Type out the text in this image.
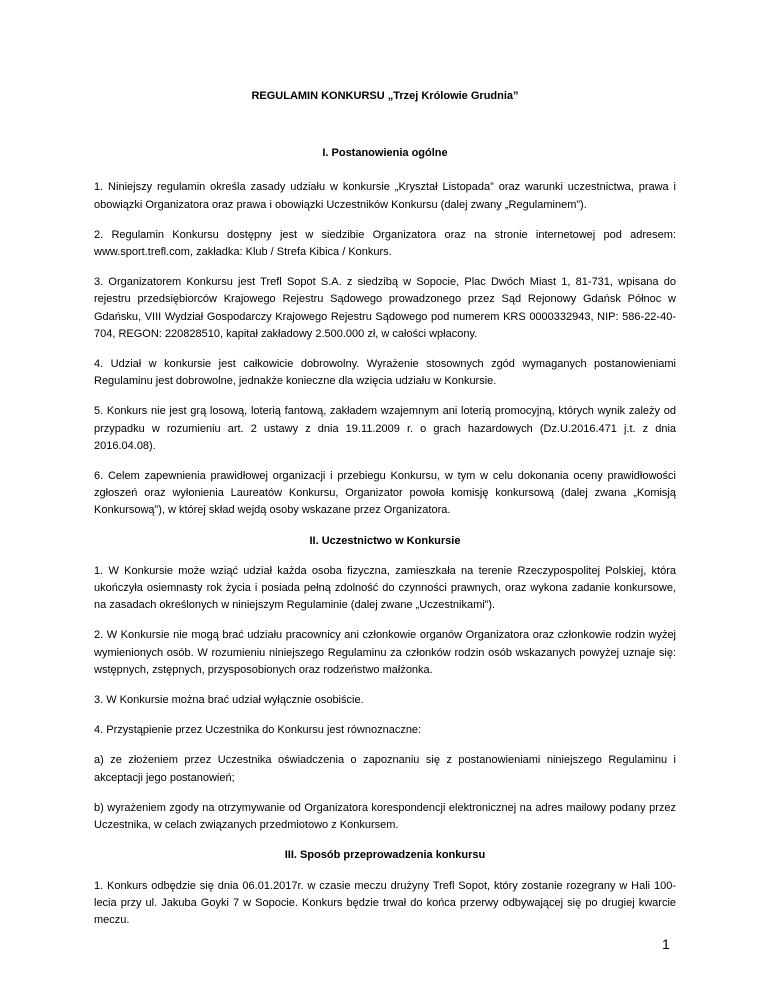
REGULAMIN KONKURSU „Trzej Królowie Grudnia”

I. Postanowienia ogólne

1. Niniejszy regulamin określa zasady udziału w konkursie „Kryształ Listopada” oraz warunki uczestnictwa, prawa i obowiązki Organizatora oraz prawa i obowiązki Uczestników Konkursu (dalej zwany „Regulaminem”).

2. Regulamin Konkursu dostępny jest w siedzibie Organizatora oraz na stronie internetowej pod adresem: www.sport.trefl.com, zakładka: Klub / Strefa Kibica / Konkurs.

3. Organizatorem Konkursu jest Trefl Sopot S.A. z siedzibą w Sopocie, Plac Dwóch Miast 1, 81-731, wpisana do rejestru przedsiębiorców Krajowego Rejestru Sądowego prowadzonego przez Sąd Rejonowy Gdańsk Północ w Gdańsku, VIII Wydział Gospodarczy Krajowego Rejestru Sądowego pod numerem KRS 0000332943, NIP: 586-22-40-704, REGON: 220828510, kapitał zakładowy 2.500.000 zł, w całości wpłacony.

4. Udział w konkursie jest całkowicie dobrowolny. Wyrażenie stosownych zgód wymaganych postanowieniami Regulaminu jest dobrowolne, jednakże konieczne dla wzięcia udziału w Konkursie.

5. Konkurs nie jest grą losową, loterią fantową, zakładem wzajemnym ani loterią promocyjną, których wynik zależy od przypadku w rozumieniu art. 2 ustawy z dnia 19.11.2009 r. o grach hazardowych (Dz.U.2016.471 j.t. z dnia 2016.04.08).

6. Celem zapewnienia prawidłowej organizacji i przebiegu Konkursu, w tym w celu dokonania oceny prawidłowości zgłoszeń oraz wyłonienia Laureatów Konkursu, Organizator powoła komisję konkursową (dalej zwana „Komisją Konkursową”), w której skład wejdą osoby wskazane przez Organizatora.

II. Uczestnictwo w Konkursie

1. W Konkursie może wziąć udział każda osoba fizyczna, zamieszkała na terenie Rzeczypospolitej Polskiej, która ukończyła osiemnasty rok życia i posiada pełną zdolność do czynności prawnych, oraz wykona zadanie konkursowe, na zasadach określonych w niniejszym Regulaminie (dalej zwane „Uczestnikami”).

2. W Konkursie nie mogą brać udziału pracownicy ani członkowie organów Organizatora oraz członkowie rodzin wyżej wymienionych osób. W rozumieniu niniejszego Regulaminu za członków rodzin osób wskazanych powyżej uznaje się: wstępnych, zstępnych, przysposobionych oraz rodzeństwo małżonka.

3. W Konkursie można brać udział wyłącznie osobiście.

4. Przystąpienie przez Uczestnika do Konkursu jest równoznaczne:

a) ze złożeniem przez Uczestnika oświadczenia o zapoznaniu się z postanowieniami niniejszego Regulaminu i akceptacji jego postanowień;

b) wyrażeniem zgody na otrzymywanie od Organizatora korespondencji elektronicznej na adres mailowy podany przez Uczestnika, w celach związanych przedmiotowo z Konkursem.

III. Sposób przeprowadzenia konkursu

1. Konkurs odbędzie się dnia 06.01.2017r. w czasie meczu drużyny Trefl Sopot, który zostanie rozegrany w Hali 100-lecia przy ul. Jakuba Goyki 7 w Sopocie. Konkurs będzie trwał do końca przerwy odbywającej się po drugiej kwarcie meczu.

1
